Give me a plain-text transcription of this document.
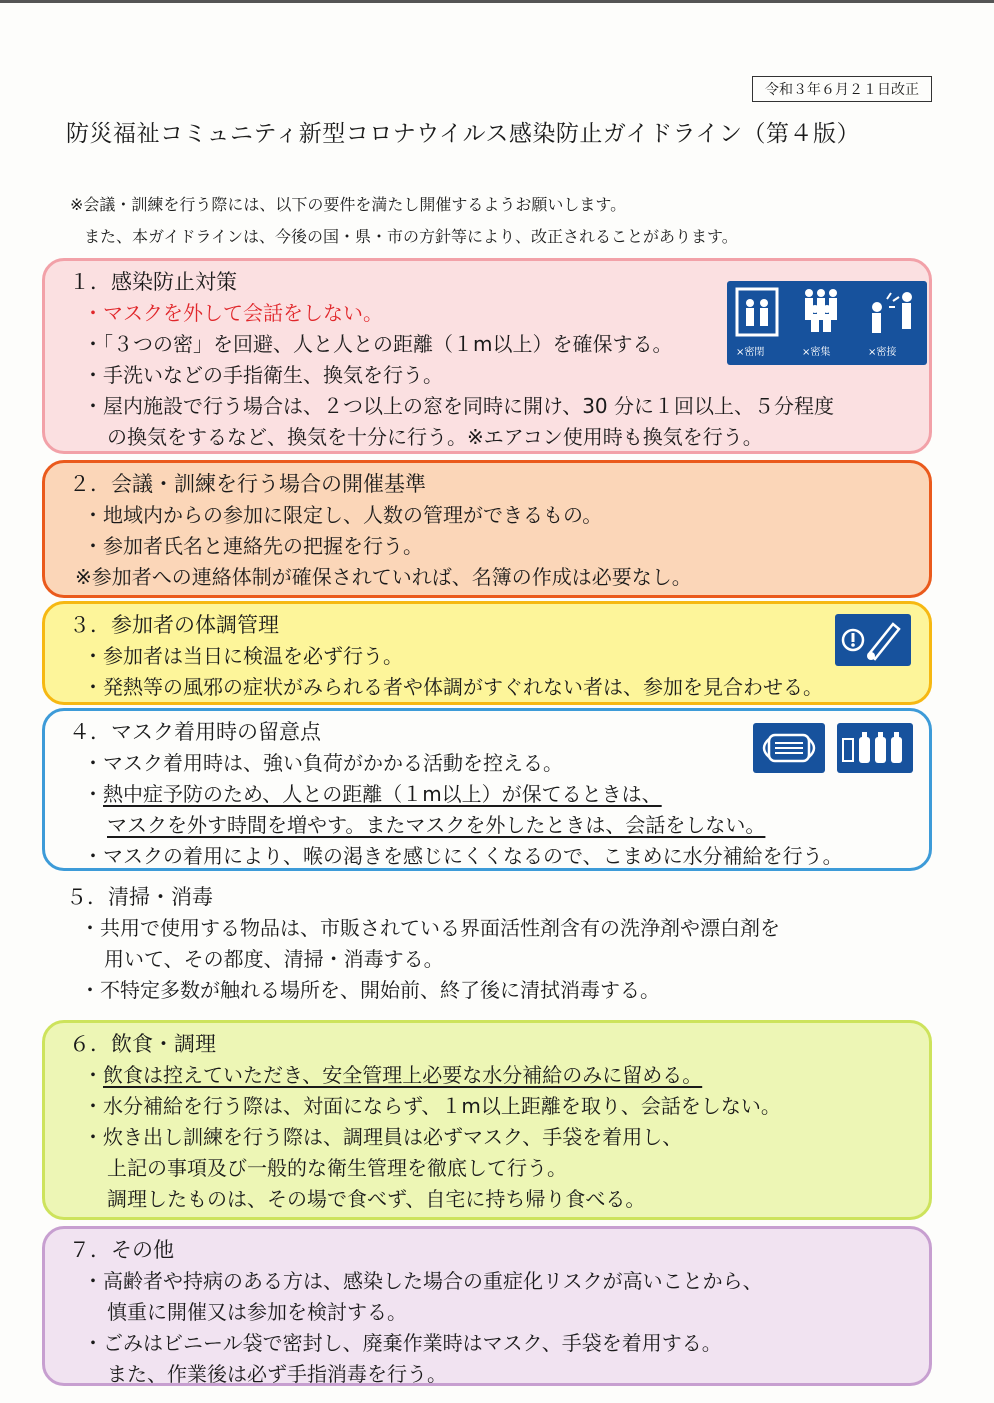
令和３年６月２１日改正
防災福祉コミュニティ新型コロナウイルス感染防止ガイドライン（第４版）
※会議・訓練を行う際には、以下の要件を満たし開催するようお願いします。
また、本ガイドラインは、今後の国・県・市の方針等により、改正されることがあります。
１．感染防止対策
・マスクを外して会話をしない。
・「３つの密」を回避、人と人との距離（１m以上）を確保する。
・手洗いなどの手指衛生、換気を行う。
・屋内施設で行う場合は、２つ以上の窓を同時に開け、30 分に１回以上、５分程度
の換気をするなど、換気を十分に行う。※エアコン使用時も換気を行う。
×密閉	×密集	×密接
２．会議・訓練を行う場合の開催基準
・地域内からの参加に限定し、人数の管理ができるもの。
・参加者氏名と連絡先の把握を行う。
※参加者への連絡体制が確保されていれば、名簿の作成は必要なし。
３．参加者の体調管理
・参加者は当日に検温を必ず行う。
・発熱等の風邪の症状がみられる者や体調がすぐれない者は、参加を見合わせる。
４．マスク着用時の留意点
・マスク着用時は、強い負荷がかかる活動を控える。
・熱中症予防のため、人との距離（１m以上）が保てるときは、
マスクを外す時間を増やす。またマスクを外したときは、会話をしない。
・マスクの着用により、喉の渇きを感じにくくなるので、こまめに水分補給を行う。
５．清掃・消毒
・共用で使用する物品は、市販されている界面活性剤含有の洗浄剤や漂白剤を
用いて、その都度、清掃・消毒する。
・不特定多数が触れる場所を、開始前、終了後に清拭消毒する。
６．飲食・調理
・飲食は控えていただき、安全管理上必要な水分補給のみに留める。
・水分補給を行う際は、対面にならず、１m以上距離を取り、会話をしない。
・炊き出し訓練を行う際は、調理員は必ずマスク、手袋を着用し、
上記の事項及び一般的な衛生管理を徹底して行う。
調理したものは、その場で食べず、自宅に持ち帰り食べる。
７．その他
・高齢者や持病のある方は、感染した場合の重症化リスクが高いことから、
慎重に開催又は参加を検討する。
・ごみはビニール袋で密封し、廃棄作業時はマスク、手袋を着用する。
また、作業後は必ず手指消毒を行う。
